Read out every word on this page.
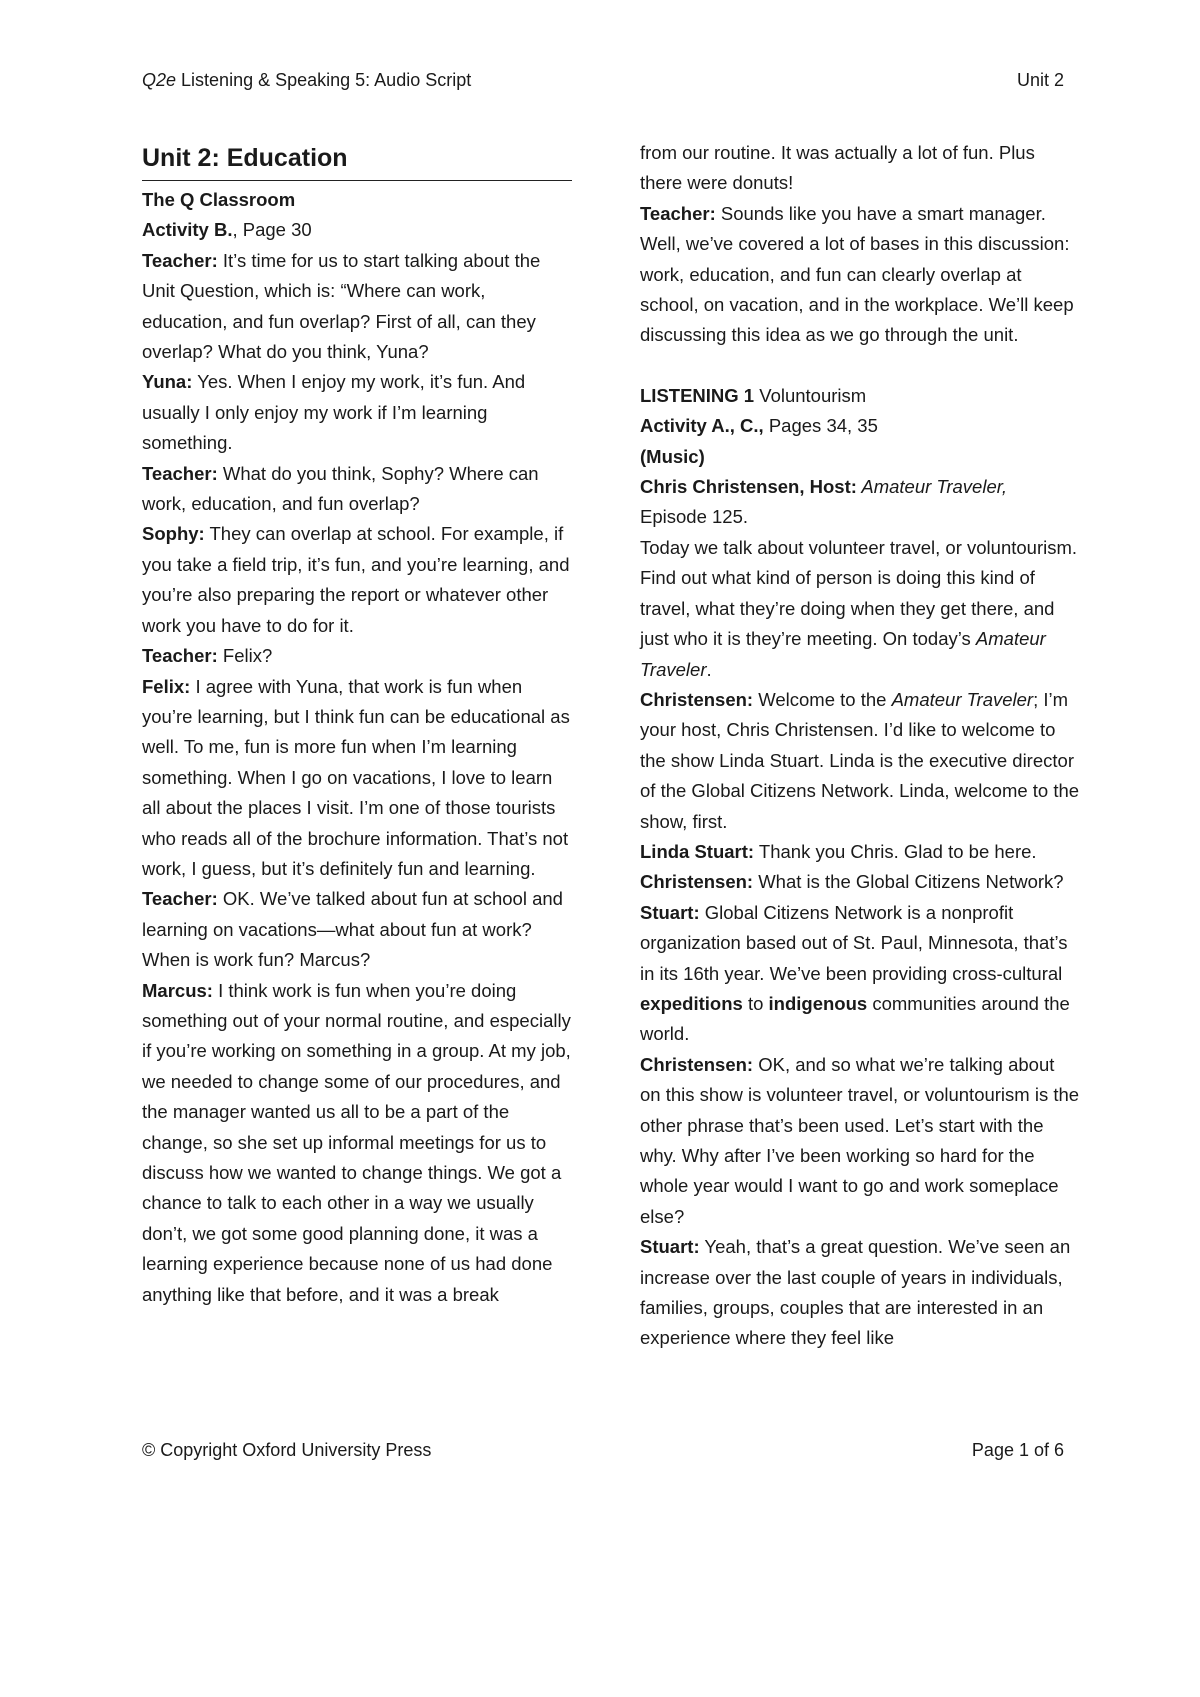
Q2e Listening & Speaking 5: Audio Script	Unit 2
Unit 2: Education

The Q Classroom

Activity B., Page 30

Teacher: It’s time for us to start talking about the Unit Question, which is: “Where can work, education, and fun overlap? First of all, can they overlap? What do you think, Yuna?

Yuna: Yes. When I enjoy my work, it’s fun. And usually I only enjoy my work if I’m learning something.

Teacher: What do you think, Sophy? Where can work, education, and fun overlap?

Sophy: They can overlap at school. For example, if you take a field trip, it’s fun, and you’re learning, and you’re also preparing the report or whatever other work you have to do for it.

Teacher: Felix?

Felix: I agree with Yuna, that work is fun when you’re learning, but I think fun can be educational as well. To me, fun is more fun when I’m learning something. When I go on vacations, I love to learn all about the places I visit. I’m one of those tourists who reads all of the brochure information. That’s not work, I guess, but it’s definitely fun and learning.

Teacher: OK. We’ve talked about fun at school and learning on vacations—what about fun at work? When is work fun? Marcus?

Marcus: I think work is fun when you’re doing something out of your normal routine, and especially if you’re working on something in a group. At my job, we needed to change some of our procedures, and the manager wanted us all to be a part of the change, so she set up informal meetings for us to discuss how we wanted to change things. We got a chance to talk to each other in a way we usually don’t, we got some good planning done, it was a learning experience because none of us had done anything like that before, and it was a break

from our routine. It was actually a lot of fun. Plus there were donuts!

Teacher: Sounds like you have a smart manager. Well, we’ve covered a lot of bases in this discussion: work, education, and fun can clearly overlap at school, on vacation, and in the workplace. We’ll keep discussing this idea as we go through the unit.

LISTENING 1 Voluntourism

Activity A., C., Pages 34, 35

(Music)

Chris Christensen, Host: Amateur Traveler,

Episode 125.

Today we talk about volunteer travel, or voluntourism. Find out what kind of person is doing this kind of travel, what they’re doing when they get there, and just who it is they’re meeting. On today’s Amateur Traveler.

Christensen: Welcome to the Amateur Traveler; I’m your host, Chris Christensen. I’d like to welcome to the show Linda Stuart. Linda is the executive director of the Global Citizens Network. Linda, welcome to the show, first.

Linda Stuart: Thank you Chris. Glad to be here.

Christensen: What is the Global Citizens Network?

Stuart: Global Citizens Network is a nonprofit organization based out of St. Paul, Minnesota, that’s in its 16th year. We’ve been providing cross-cultural expeditions to indigenous communities around the world.

Christensen: OK, and so what we’re talking about on this show is volunteer travel, or voluntourism is the other phrase that’s been used. Let’s start with the why. Why after I’ve been working so hard for the whole year would I want to go and work someplace else?

Stuart: Yeah, that’s a great question. We’ve seen an increase over the last couple of years in individuals, families, groups, couples that are interested in an experience where they feel like

© Copyright Oxford University Press	Page 1 of 6
